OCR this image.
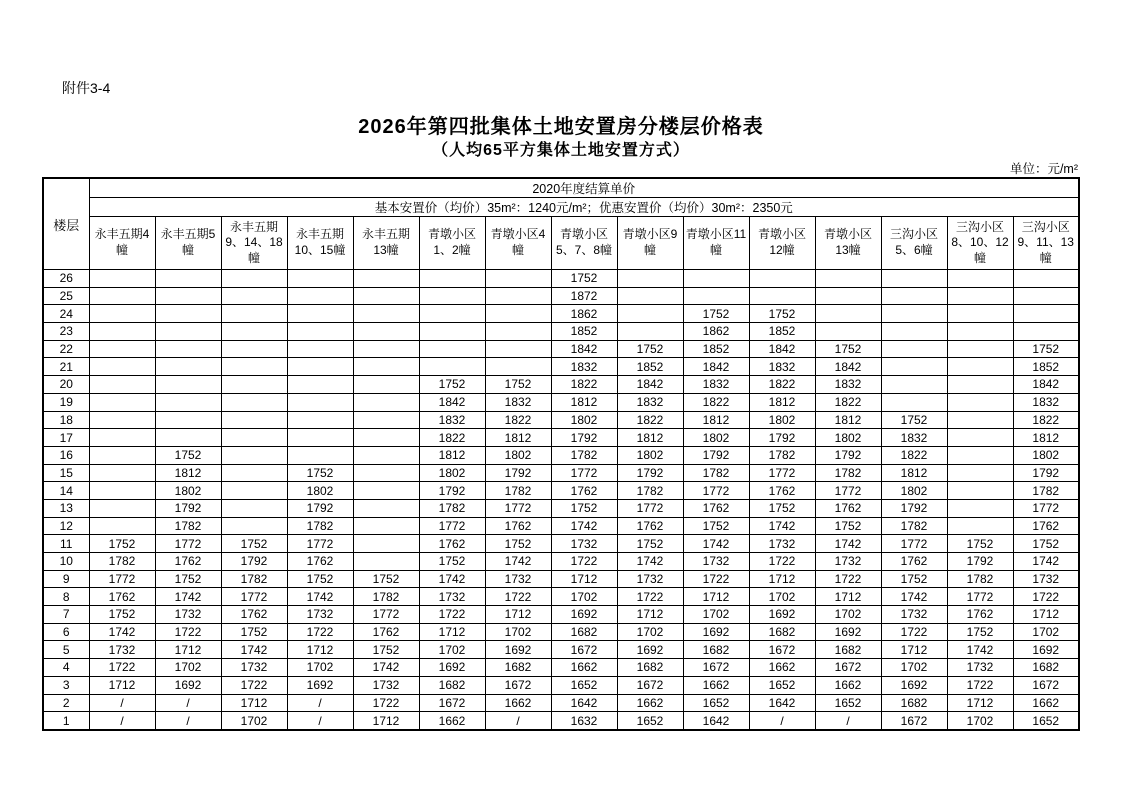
附件3-4
2026年第四批集体土地安置房分楼层价格表
（人均65平方集体土地安置方式）
单位：元/m²
楼层	2020年度结算单价														
	基本安置价（均价）35m²：1240元/m²；优惠安置价（均价）30m²：2350元														
	永丰五期4幢	永丰五期5幢	永丰五期9、14、18幢	永丰五期10、15幢	永丰五期13幢	青墩小区1、2幢	青墩小区4幢	青墩小区5、7、8幢	青墩小区9幢	青墩小区11幢	青墩小区12幢	青墩小区13幢	三沟小区5、6幢	三沟小区8、10、12幢	三沟小区9、11、13幢
26								1752							
25								1872							
24								1862		1752	1752				
23								1852		1862	1852				
22								1842	1752	1852	1842	1752			1752
21								1832	1852	1842	1832	1842			1852
20						1752	1752	1822	1842	1832	1822	1832			1842
19						1842	1832	1812	1832	1822	1812	1822			1832
18						1832	1822	1802	1822	1812	1802	1812	1752		1822
17						1822	1812	1792	1812	1802	1792	1802	1832		1812
16		1752				1812	1802	1782	1802	1792	1782	1792	1822		1802
15		1812		1752		1802	1792	1772	1792	1782	1772	1782	1812		1792
14		1802		1802		1792	1782	1762	1782	1772	1762	1772	1802		1782
13		1792		1792		1782	1772	1752	1772	1762	1752	1762	1792		1772
12		1782		1782		1772	1762	1742	1762	1752	1742	1752	1782		1762
11	1752	1772	1752	1772		1762	1752	1732	1752	1742	1732	1742	1772	1752	1752
10	1782	1762	1792	1762		1752	1742	1722	1742	1732	1722	1732	1762	1792	1742
9	1772	1752	1782	1752	1752	1742	1732	1712	1732	1722	1712	1722	1752	1782	1732
8	1762	1742	1772	1742	1782	1732	1722	1702	1722	1712	1702	1712	1742	1772	1722
7	1752	1732	1762	1732	1772	1722	1712	1692	1712	1702	1692	1702	1732	1762	1712
6	1742	1722	1752	1722	1762	1712	1702	1682	1702	1692	1682	1692	1722	1752	1702
5	1732	1712	1742	1712	1752	1702	1692	1672	1692	1682	1672	1682	1712	1742	1692
4	1722	1702	1732	1702	1742	1692	1682	1662	1682	1672	1662	1672	1702	1732	1682
3	1712	1692	1722	1692	1732	1682	1672	1652	1672	1662	1652	1662	1692	1722	1672
2	/	/	1712	/	1722	1672	1662	1642	1662	1652	1642	1652	1682	1712	1662
1	/	/	1702	/	1712	1662	/	1632	1652	1642	/	/	1672	1702	1652
